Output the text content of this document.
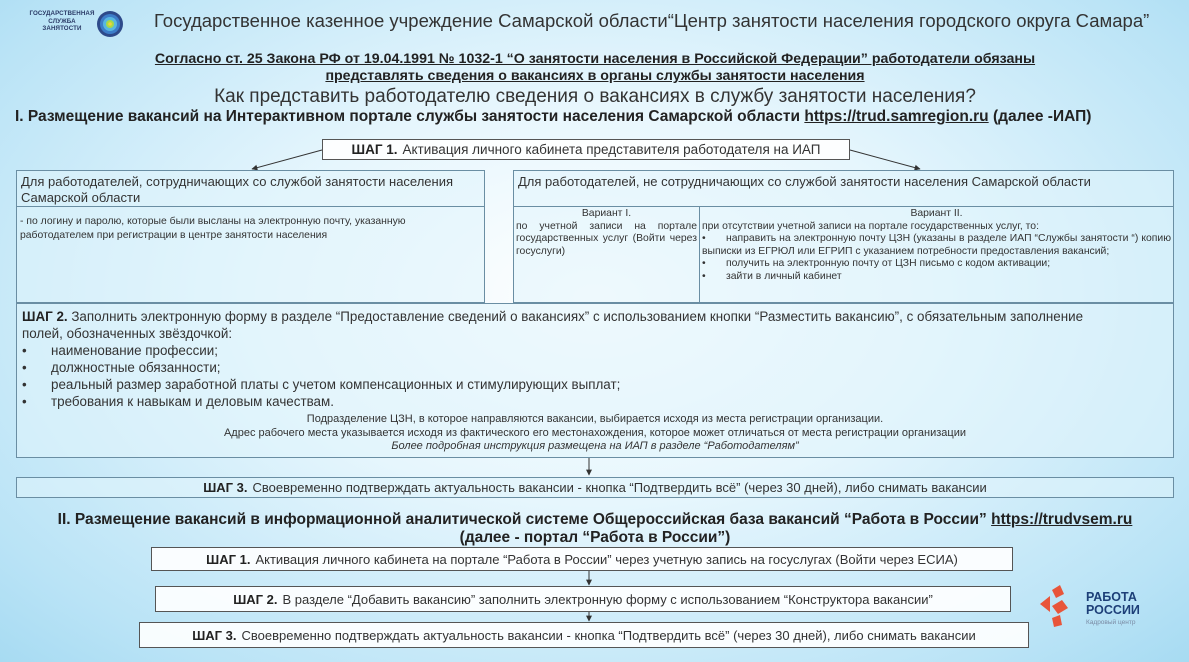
ГОСУДАРСТВЕННАЯ СЛУЖБА ЗАНЯТОСТИ	Государственное казенное учреждение Самарской области“Центр занятости населения городского округа Самара”
Согласно ст. 25 Закона РФ от 19.04.1991 № 1032-1 “О занятости населения в Российской Федерации” работодатели обязаны
представлять сведения о вакансиях в органы службы занятости населения
Как представить работодателю сведения о вакансиях в службу занятости населения?
I. Размещение вакансий на Интерактивном портале службы занятости населения Самарской области https://trud.samregion.ru (далее -ИАП)
ШАГ 1. Активация личного кабинета представителя работодателя на ИАП
Для работодателей, сотрудничающих со службой занятости населения Самарской области
- по логину и паролю, которые были высланы на электронную почту, указанную работодателем при регистрации в центре занятости населения
Для работодателей, не сотрудничающих со службой занятости населения Самарской области
Вариант I.
по учетной записи на портале государственных услуг (Войти через госуслуги)
Вариант II.
при отсутствии учетной записи на портале государственных услуг, то:
• направить на электронную почту ЦЗН (указаны в разделе ИАП “Службы занятости “) копию выписки из ЕГРЮЛ или ЕГРИП с указанием потребности предоставления вакансий;
• получить на электронную почту от ЦЗН письмо с кодом активации;
• зайти в личный кабинет
ШАГ 2. Заполнить электронную форму в разделе “Предоставление сведений о вакансиях” с использованием кнопки “Разместить вакансию”, с обязательным заполнение полей, обозначенных звёздочкой:
• наименование профессии;
• должностные обязанности;
• реальный размер заработной платы с учетом компенсационных и стимулирующих выплат;
• требования к навыкам и деловым качествам.
Подразделение ЦЗН, в которое направляются вакансии, выбирается исходя из места регистрации организации.
Адрес рабочего места указывается исходя из фактического его местонахождения, которое может отличаться от места регистрации организации
Более подробная инструкция размещена на ИАП в разделе “Работодателям”
ШАГ 3. Своевременно подтверждать актуальность вакансии - кнопка “Подтвердить всё” (через 30 дней), либо снимать вакансии
II. Размещение вакансий в информационной аналитической системе Общероссийская база вакансий “Работа в России” https://trudvsem.ru
(далее - портал “Работа в России”)
ШАГ 1. Активация личного кабинета на портале “Работа в России” через учетную запись на госуслугах (Войти через ЕСИА)
ШАГ 2. В разделе “Добавить вакансию” заполнить электронную форму с использованием “Конструктора вакансии”
ШАГ 3. Своевременно подтверждать актуальность вакансии - кнопка “Подтвердить всё” (через 30 дней), либо снимать вакансии
РАБОТА
РОССИИ
Кадровый центр
